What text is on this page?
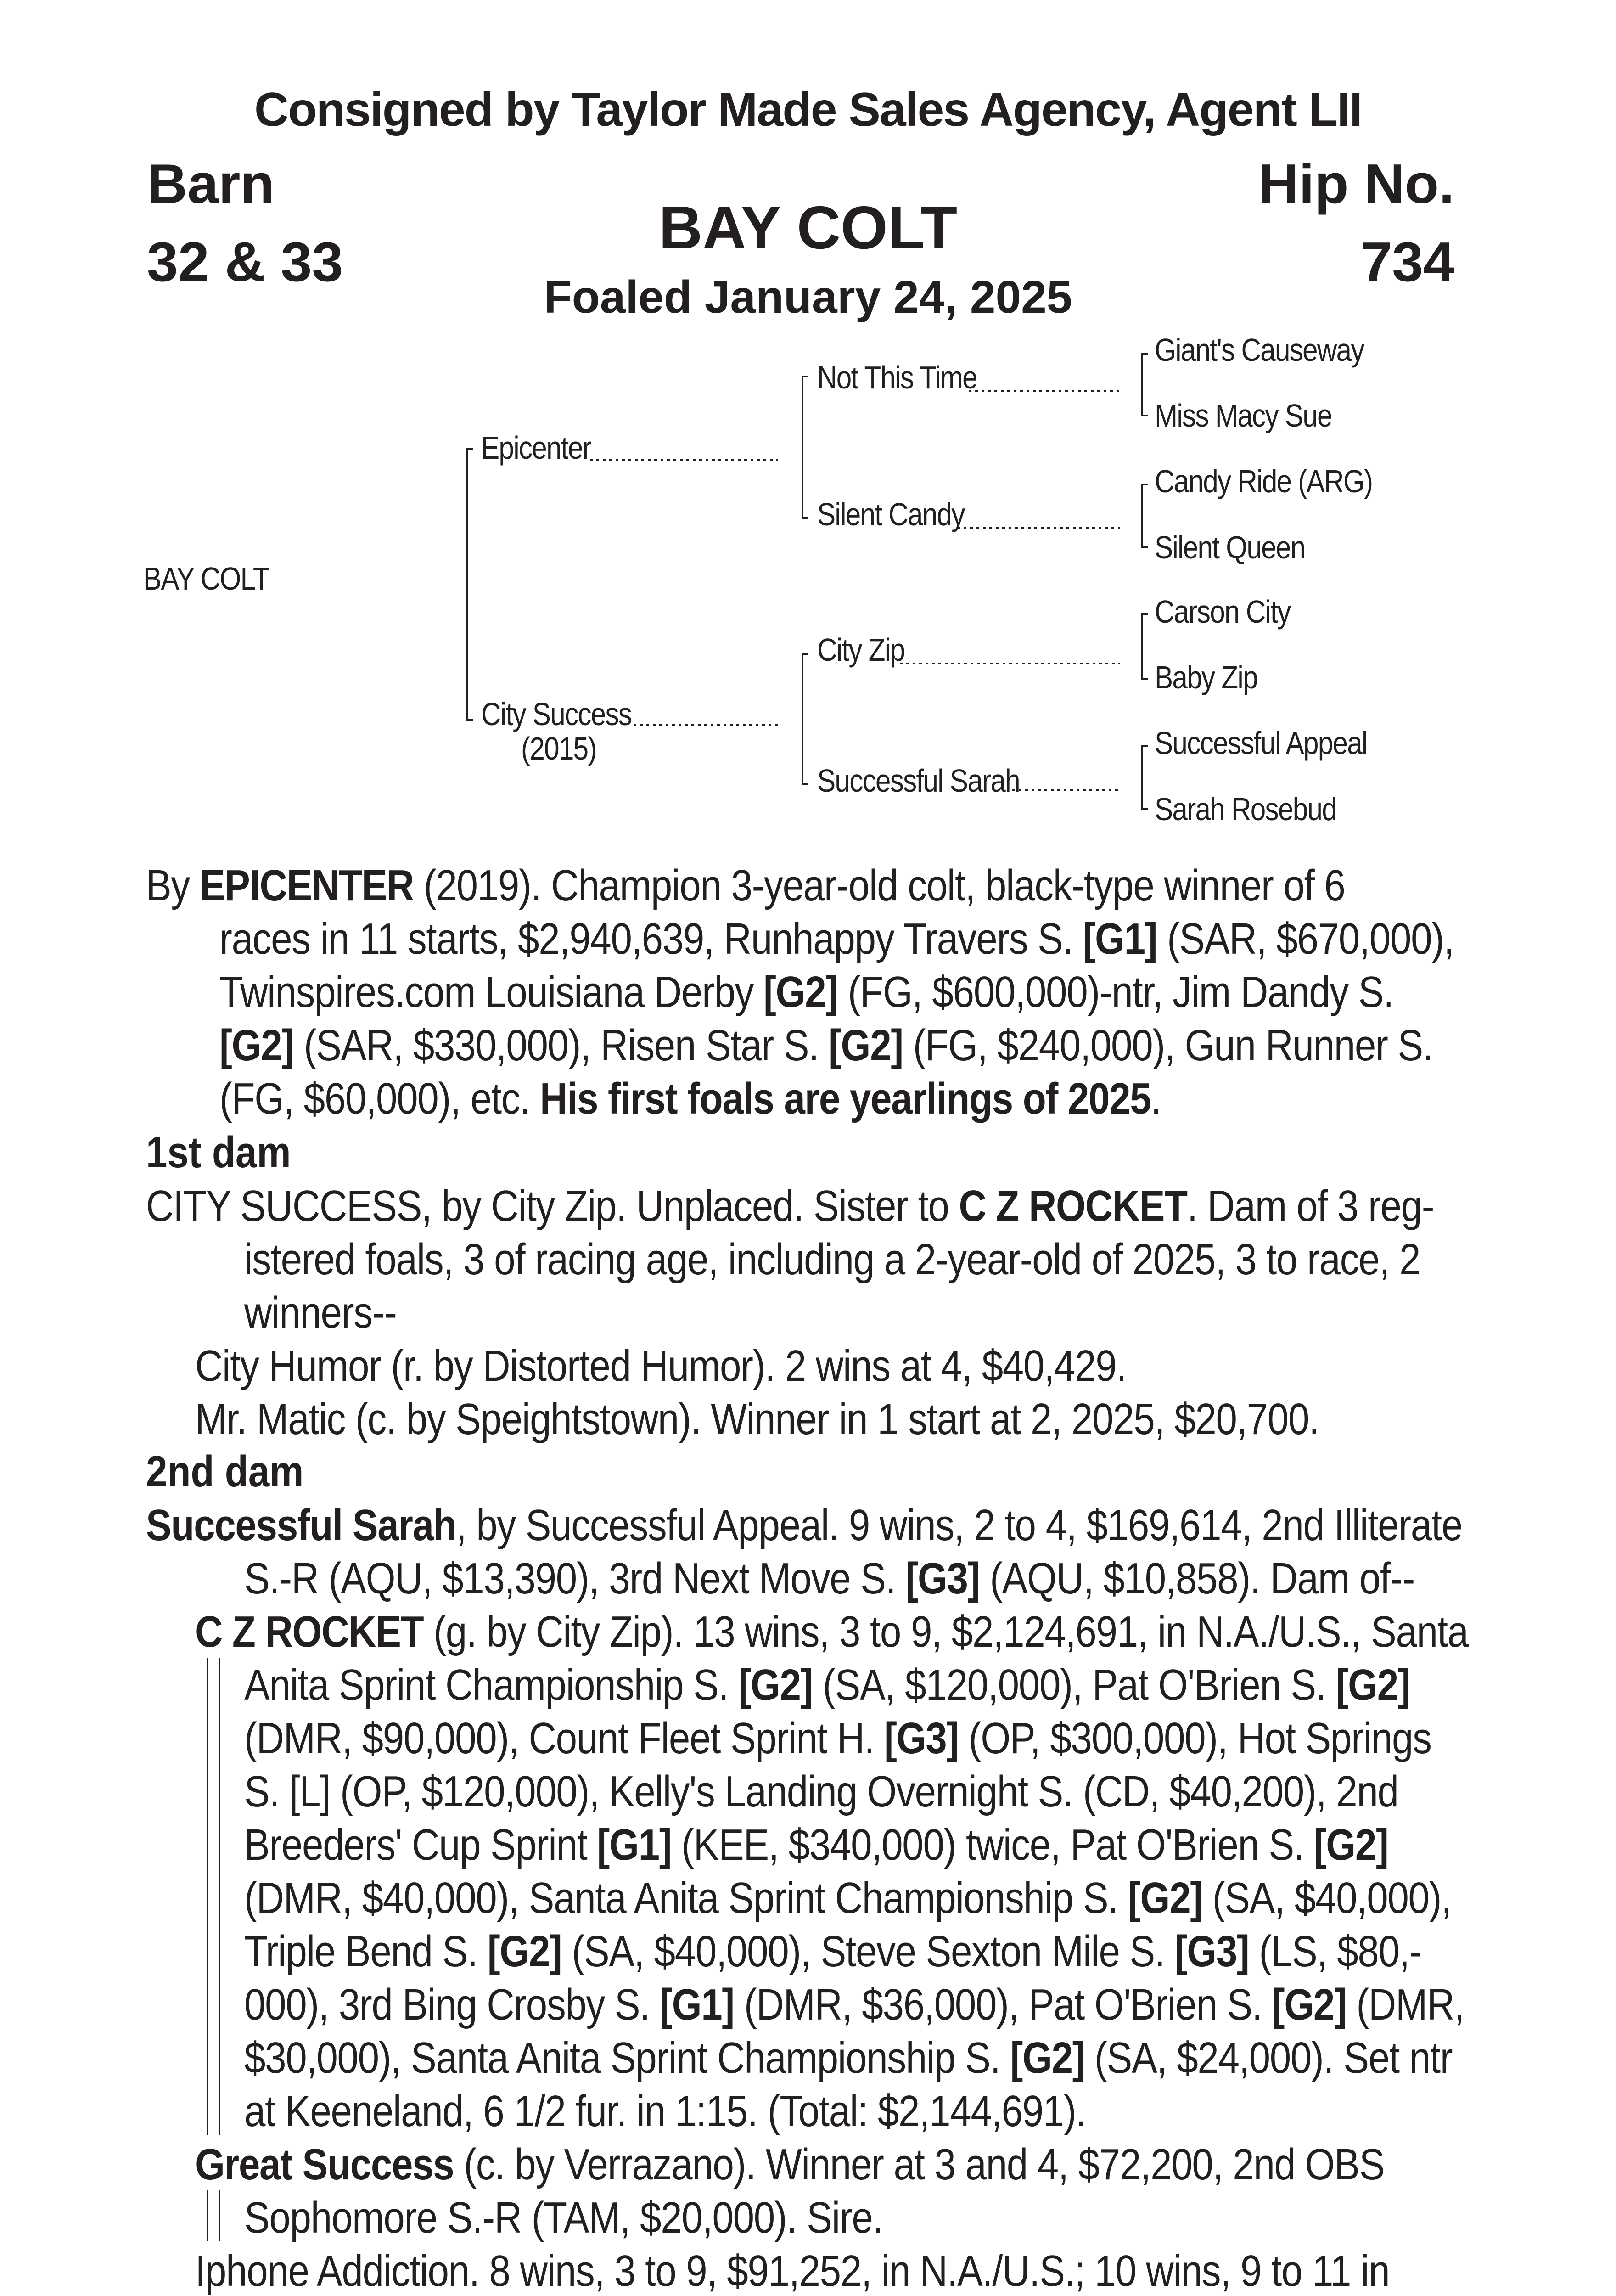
Consigned by Taylor Made Sales Agency, Agent LII
Barn
32 & 33
Hip No.
734
BAY COLT
Foaled January 24, 2025
BAY COLT
Epicenter
City Success
(2015)
Not This Time
Silent Candy
City Zip
Successful Sarah
Giant's Causeway
Miss Macy Sue
Candy Ride (ARG)
Silent Queen
Carson City
Baby Zip
Successful Appeal
Sarah Rosebud
By EPICENTER (2019). Champion 3-year-old colt, black-type winner of 6
races in 11 starts, $2,940,639, Runhappy Travers S. [G1] (SAR, $670,000),
Twinspires.com Louisiana Derby [G2] (FG, $600,000)-ntr, Jim Dandy S.
[G2] (SAR, $330,000), Risen Star S. [G2] (FG, $240,000), Gun Runner S.
(FG, $60,000), etc. His first foals are yearlings of 2025.
1st dam
CITY SUCCESS, by City Zip. Unplaced. Sister to C Z ROCKET. Dam of 3 reg-
istered foals, 3 of racing age, including a 2-year-old of 2025, 3 to race, 2
winners--
City Humor (r. by Distorted Humor). 2 wins at 4, $40,429.
Mr. Matic (c. by Speightstown). Winner in 1 start at 2, 2025, $20,700.
2nd dam
Successful Sarah, by Successful Appeal. 9 wins, 2 to 4, $169,614, 2nd Illiterate
S.-R (AQU, $13,390), 3rd Next Move S. [G3] (AQU, $10,858). Dam of--
C Z ROCKET (g. by City Zip). 13 wins, 3 to 9, $2,124,691, in N.A./U.S., Santa
Anita Sprint Championship S. [G2] (SA, $120,000), Pat O'Brien S. [G2]
(DMR, $90,000), Count Fleet Sprint H. [G3] (OP, $300,000), Hot Springs
S. [L] (OP, $120,000), Kelly's Landing Overnight S. (CD, $40,200), 2nd
Breeders' Cup Sprint [G1] (KEE, $340,000) twice, Pat O'Brien S. [G2]
(DMR, $40,000), Santa Anita Sprint Championship S. [G2] (SA, $40,000),
Triple Bend S. [G2] (SA, $40,000), Steve Sexton Mile S. [G3] (LS, $80,-
000), 3rd Bing Crosby S. [G1] (DMR, $36,000), Pat O'Brien S. [G2] (DMR,
$30,000), Santa Anita Sprint Championship S. [G2] (SA, $24,000). Set ntr
at Keeneland, 6 1/2 fur. in 1:15. (Total: $2,144,691).
Great Success (c. by Verrazano). Winner at 3 and 4, $72,200, 2nd OBS
Sophomore S.-R (TAM, $20,000). Sire.
Iphone Addiction. 8 wins, 3 to 9, $91,252, in N.A./U.S.; 10 wins, 9 to 11 in
